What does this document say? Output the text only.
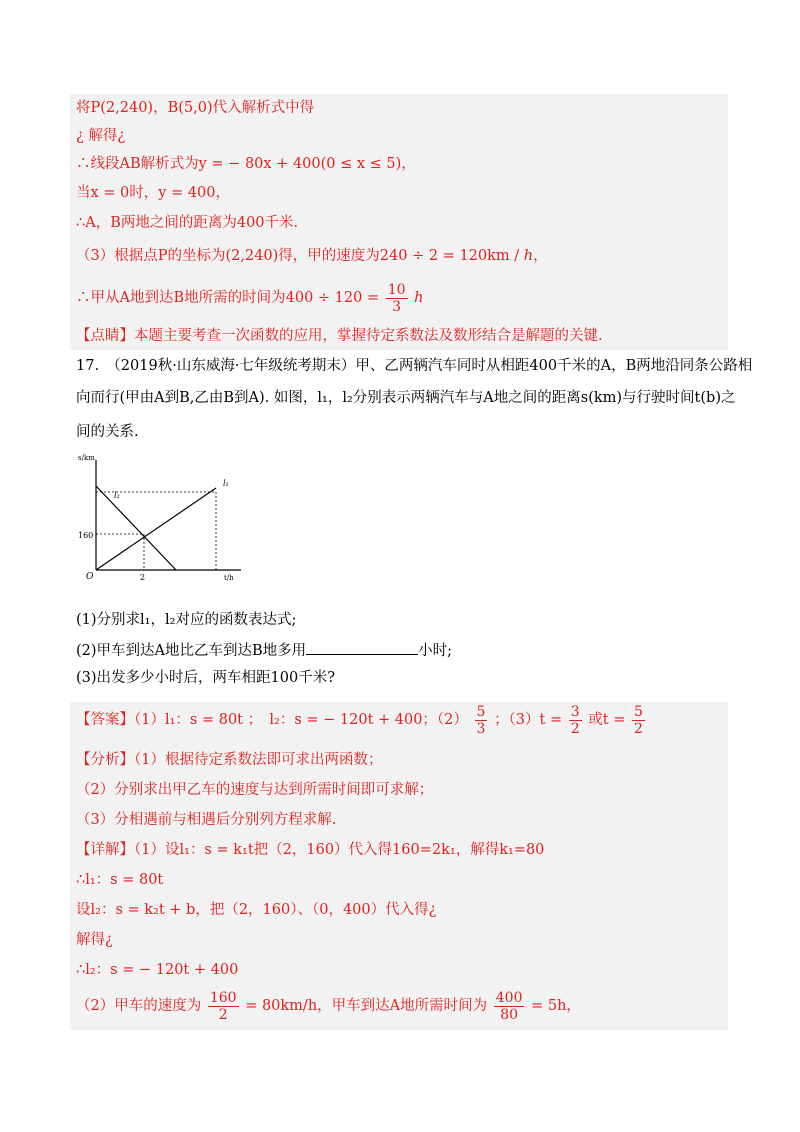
将P(2,240)，B(5,0)代入解析式中得
¿ 解得¿
∴线段AB解析式为y = − 80x + 400(0 ≤ x ≤ 5)，
当x = 0时，y = 400，
∴A，B两地之间的距离为400千米.
（3）根据点P的坐标为(2,240)得，甲的速度为240 ÷ 2 = 120km / ℎ，
∴甲从A地到达B地所需的时间为$400 \div 120 = \frac{10}{3}$ ℎ
【点睛】本题主要考查一次函数的应用，掌握待定系数法及数形结合是解题的关键.
17.　（2019秋·山东威海·七年级统考期末）甲、乙两辆汽车同时从相距400千米的A，B两地沿同条公路相
向而行(甲由A到B,乙由B到A). 如图，l₁，l₂分别表示两辆汽车与A地之间的距离s(km)与行驶时间t(b)之
间的关系.
s/km
t/h
O
160
2
l₂
l₁
(1)分别求l₁，l₂对应的函数表达式;
(2)甲车到达A地比乙车到达B地多用	小时;
(3)出发多少小时后，两车相距100千米?
【答案】（1）l₁：s = 80t ；　l₂：s = − 120t + 400；$(2) \frac{5}{3}$ ；$(3)t = \frac{3}{2}$ 或$t = \frac{5}{2}$
【分析】（1）根据待定系数法即可求出两函数；
（2）分别求出甲乙车的速度与达到所需时间即可求解；
（3）分相遇前与相遇后分别列方程求解.
【详解】（1）设l₁：s = k₁t把（2，160）代入得160=2k₁，解得k₁=80
∴l₁：s = 80t
设l₂：s = k₂t + b，把（2，160）、（0，400）代入得¿
解得¿
∴l₂：s = − 120t + 400
（2）甲车的速度为 $\frac{160}{2} = 80km/h$，甲车到达A地所需时间为 $\frac{400}{80} = 5h$，
